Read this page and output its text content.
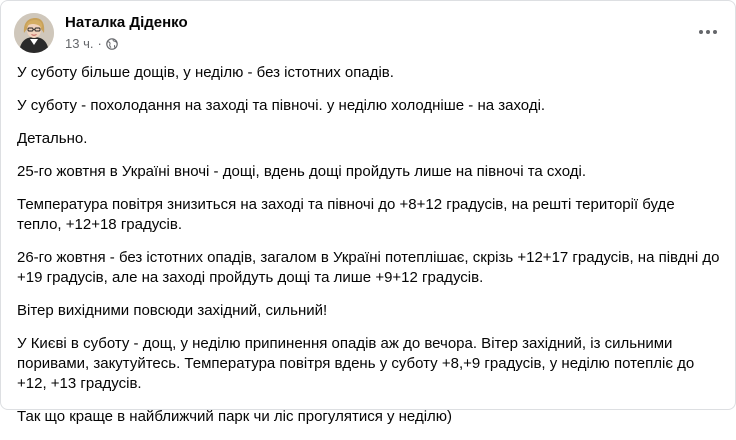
Наталка Діденко
13 ч. ·

У суботу більше дощів, у неділю - без істотних опадів.

У суботу - похолодання на заході та півночі. у неділю холодніше - на заході.

Детально.

25-го жовтня в Україні вночі - дощі, вдень дощі пройдуть лише на півночі та сході.

Температура повітря знизиться на заході та півночі до +8+12 градусів, на решті території буде тепло, +12+18 градусів.

26-го жовтня - без істотних опадів, загалом в Україні потеплішає, скрізь +12+17 градусів, на півдні до +19 градусів, але на заході пройдуть дощі та лише +9+12 градусів.

Вітер вихідними повсюди західний, сильний!

У Києві в суботу - дощ, у неділю припинення опадів аж до вечора. Вітер західний, із сильними поривами, закутуйтесь. Температура повітря вдень у суботу +8,+9 градусів, у неділю потепліє до +12, +13 градусів.

Так що краще в найближчий парк чи ліс прогулятися у неділю)
